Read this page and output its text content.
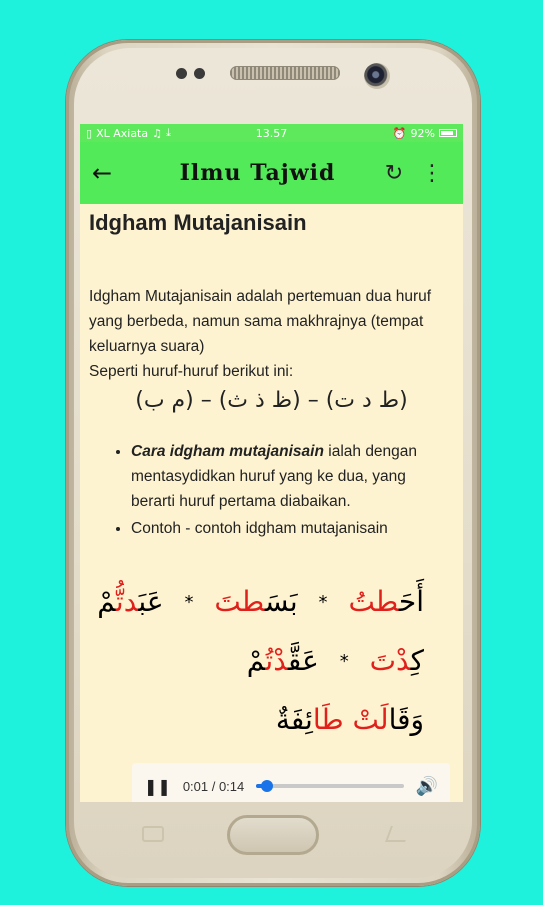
▯ XL Axiata ♫ ⤓	13.57	⏰ 92%
←	Ilmu Tajwid	↻ ⋮
Idgham Mutajanisain

Idgham Mutajanisain adalah pertemuan dua huruf yang berbeda, namun sama makhrajnya (tempat keluarnya suara)
Seperti huruf-huruf berikut ini:

(ط د ت) – (ظ ذ ث) – (م ب)
• Cara idgham mutajanisain ialah dengan mentasydidkan huruf yang ke dua, yang berarti huruf pertama diabaikan.
• Contoh - contoh idgham mutajanisain
أَحَطتُ * بَسَطتَ * عَبَدتُّمْ
كِدْتَ * عَقَّدْتُمْ
وَقَالَتْ طَائِفَةٌ
❚❚ 0:01 / 0:14	🔊
